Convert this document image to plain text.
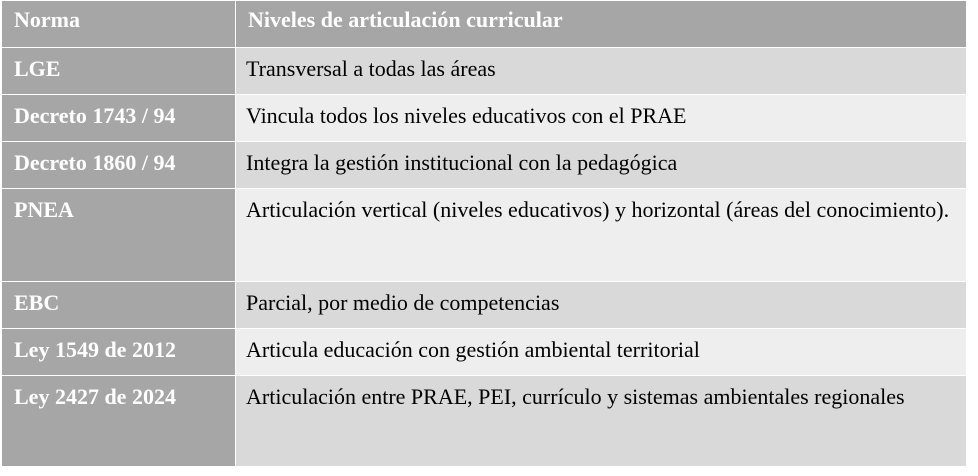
Norma	Niveles de articulación curricular

LGE	Transversal a todas las áreas

Decreto 1743 / 94	Vincula todos los niveles educativos con el PRAE

Decreto 1860 / 94	Integra la gestión institucional con la pedagógica

PNEA	Articulación vertical (niveles educativos) y horizontal (áreas del conocimiento).

EBC	Parcial, por medio de competencias

Ley 1549 de 2012	Articula educación con gestión ambiental territorial

Ley 2427 de 2024	Articulación entre PRAE, PEI, currículo y sistemas ambientales regionales
